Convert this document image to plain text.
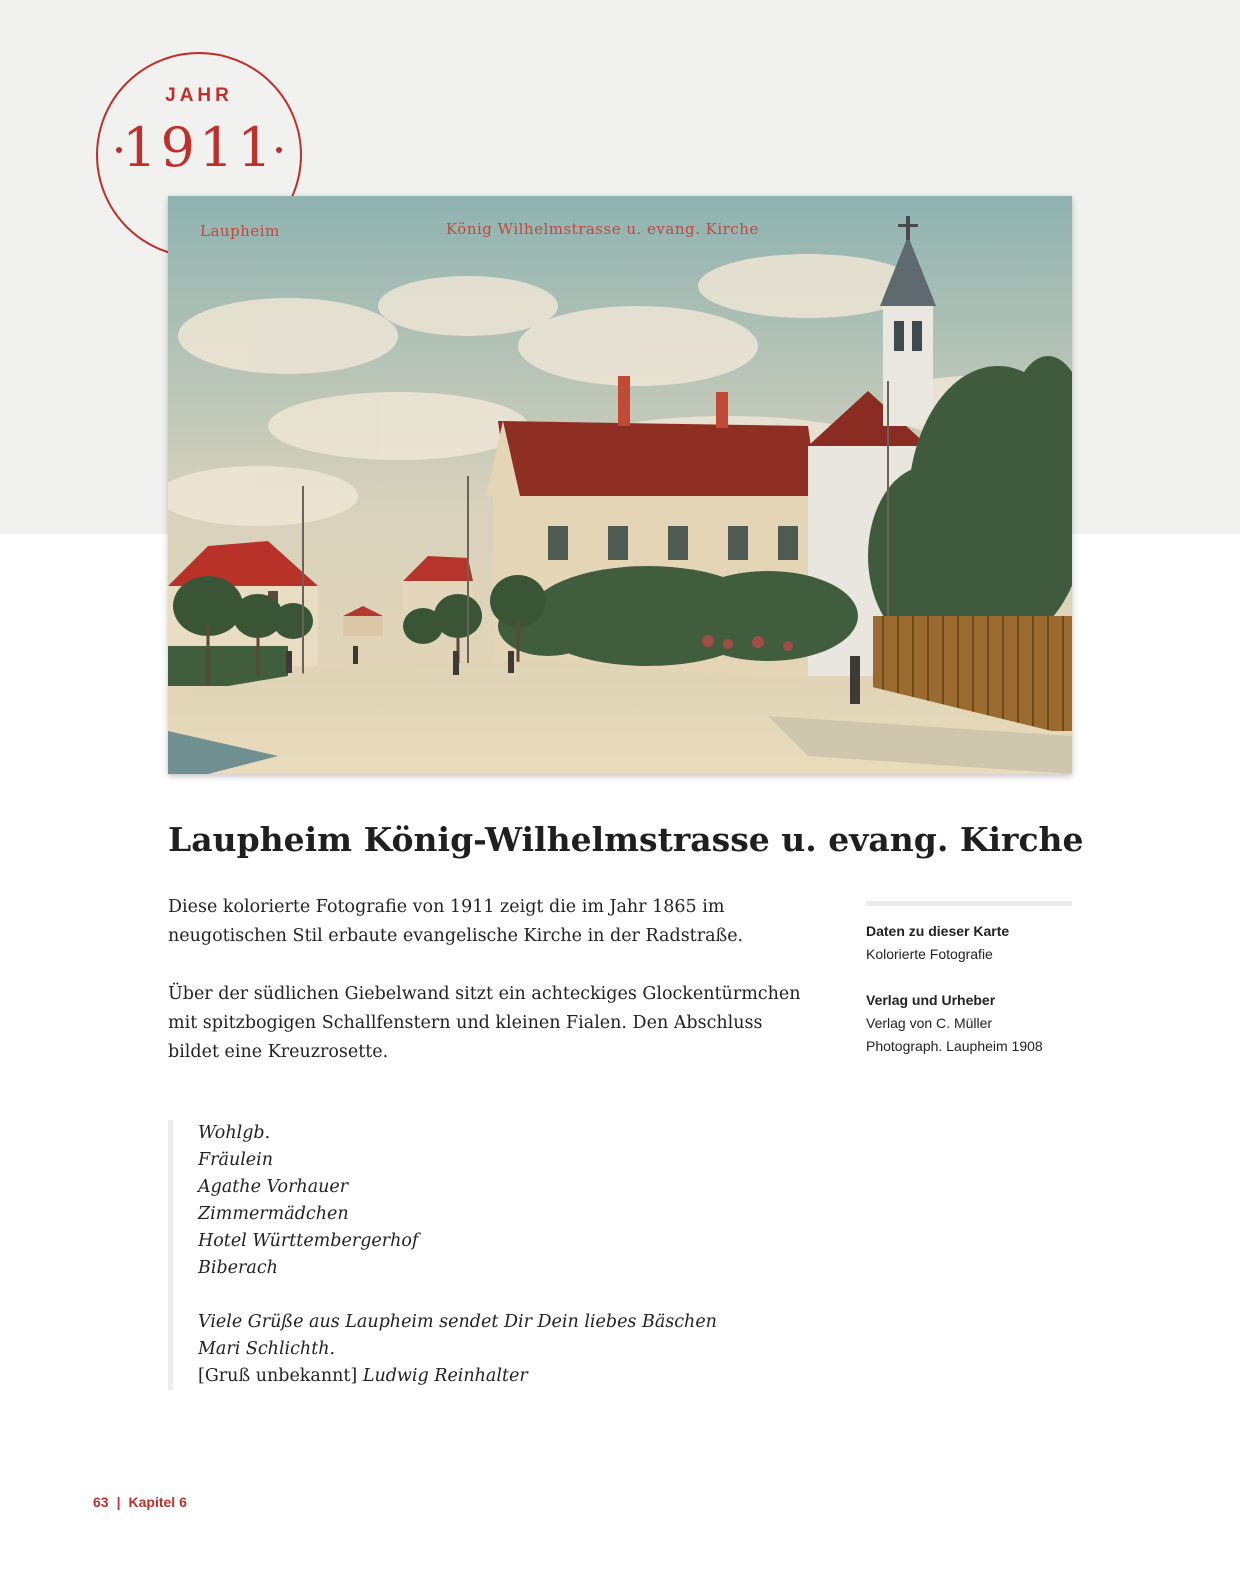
JAHR
1911
Laupheim	König Wilhelmstrasse u. evang. Kirche
Laupheim König-Wilhelmstrasse u. evang. Kirche

Diese kolorierte Fotografie von 1911 zeigt die im Jahr 1865 im neugotischen Stil erbaute evangelische Kirche in der Radstraße.

Über der südlichen Giebelwand sitzt ein achteckiges Glockentürmchen mit spitzbogigen Schallfenstern und kleinen Fialen. Den Abschluss bildet eine Kreuzrosette.

Daten zu dieser Karte
Kolorierte Fotografie
Verlag und Urheber
Verlag von C. Müller
Photograph. Laupheim 1908
Wohlgb.
Fräulein
Agathe Vorhauer
Zimmermädchen
Hotel Württembergerhof
Biberach
Viele Grüße aus Laupheim sendet Dir Dein liebes Bäschen
Mari Schlichth.
[Gruß unbekannt] Ludwig Reinhalter
63 | Kapitel 6
